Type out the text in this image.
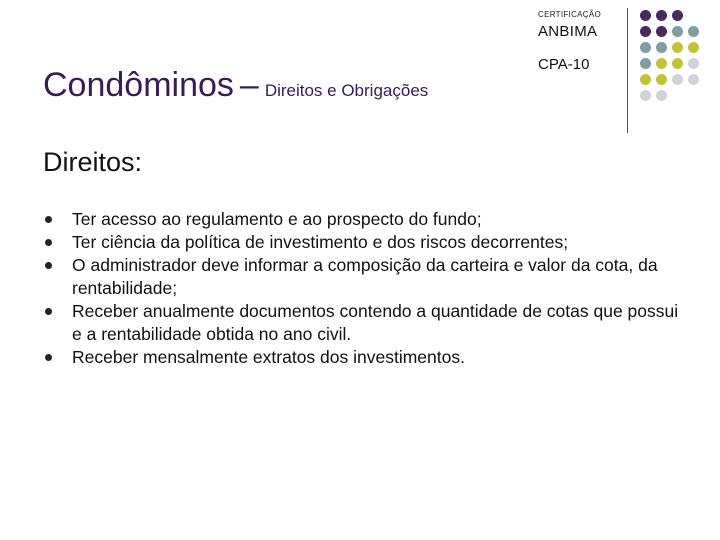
CERTIFICAÇÃO
ANBIMA
CPA-10
Condôminos – Direitos e Obrigações
Direitos:
Ter acesso ao regulamento e ao prospecto do fundo;
Ter ciência da política de investimento e dos riscos decorrentes;
O administrador deve informar a composição da carteira e valor da cota, da rentabilidade;
Receber anualmente documentos contendo a quantidade de cotas que possui e a rentabilidade obtida no ano civil.
Receber mensalmente extratos dos investimentos.
